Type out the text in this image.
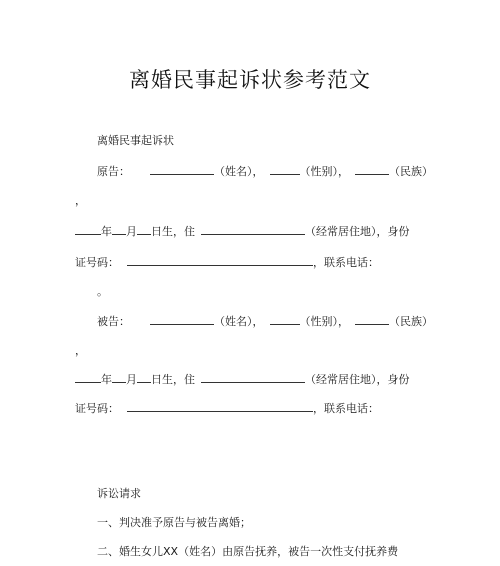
离婚民事起诉状参考范文
离婚民事起诉状
原告：	（姓名），	（性别），	（民族）
，
年 月 日生，住	（经常居住地），身份
证号码：	，联系电话：
。
被告：	（姓名），	（性别），	（民族）
，
年 月 日生，住	（经常居住地），身份
证号码：	，联系电话：
诉讼请求
一、判决准予原告与被告离婚；
二、婚生女儿XX（姓名）由原告抚养，被告一次性支付抚养费
